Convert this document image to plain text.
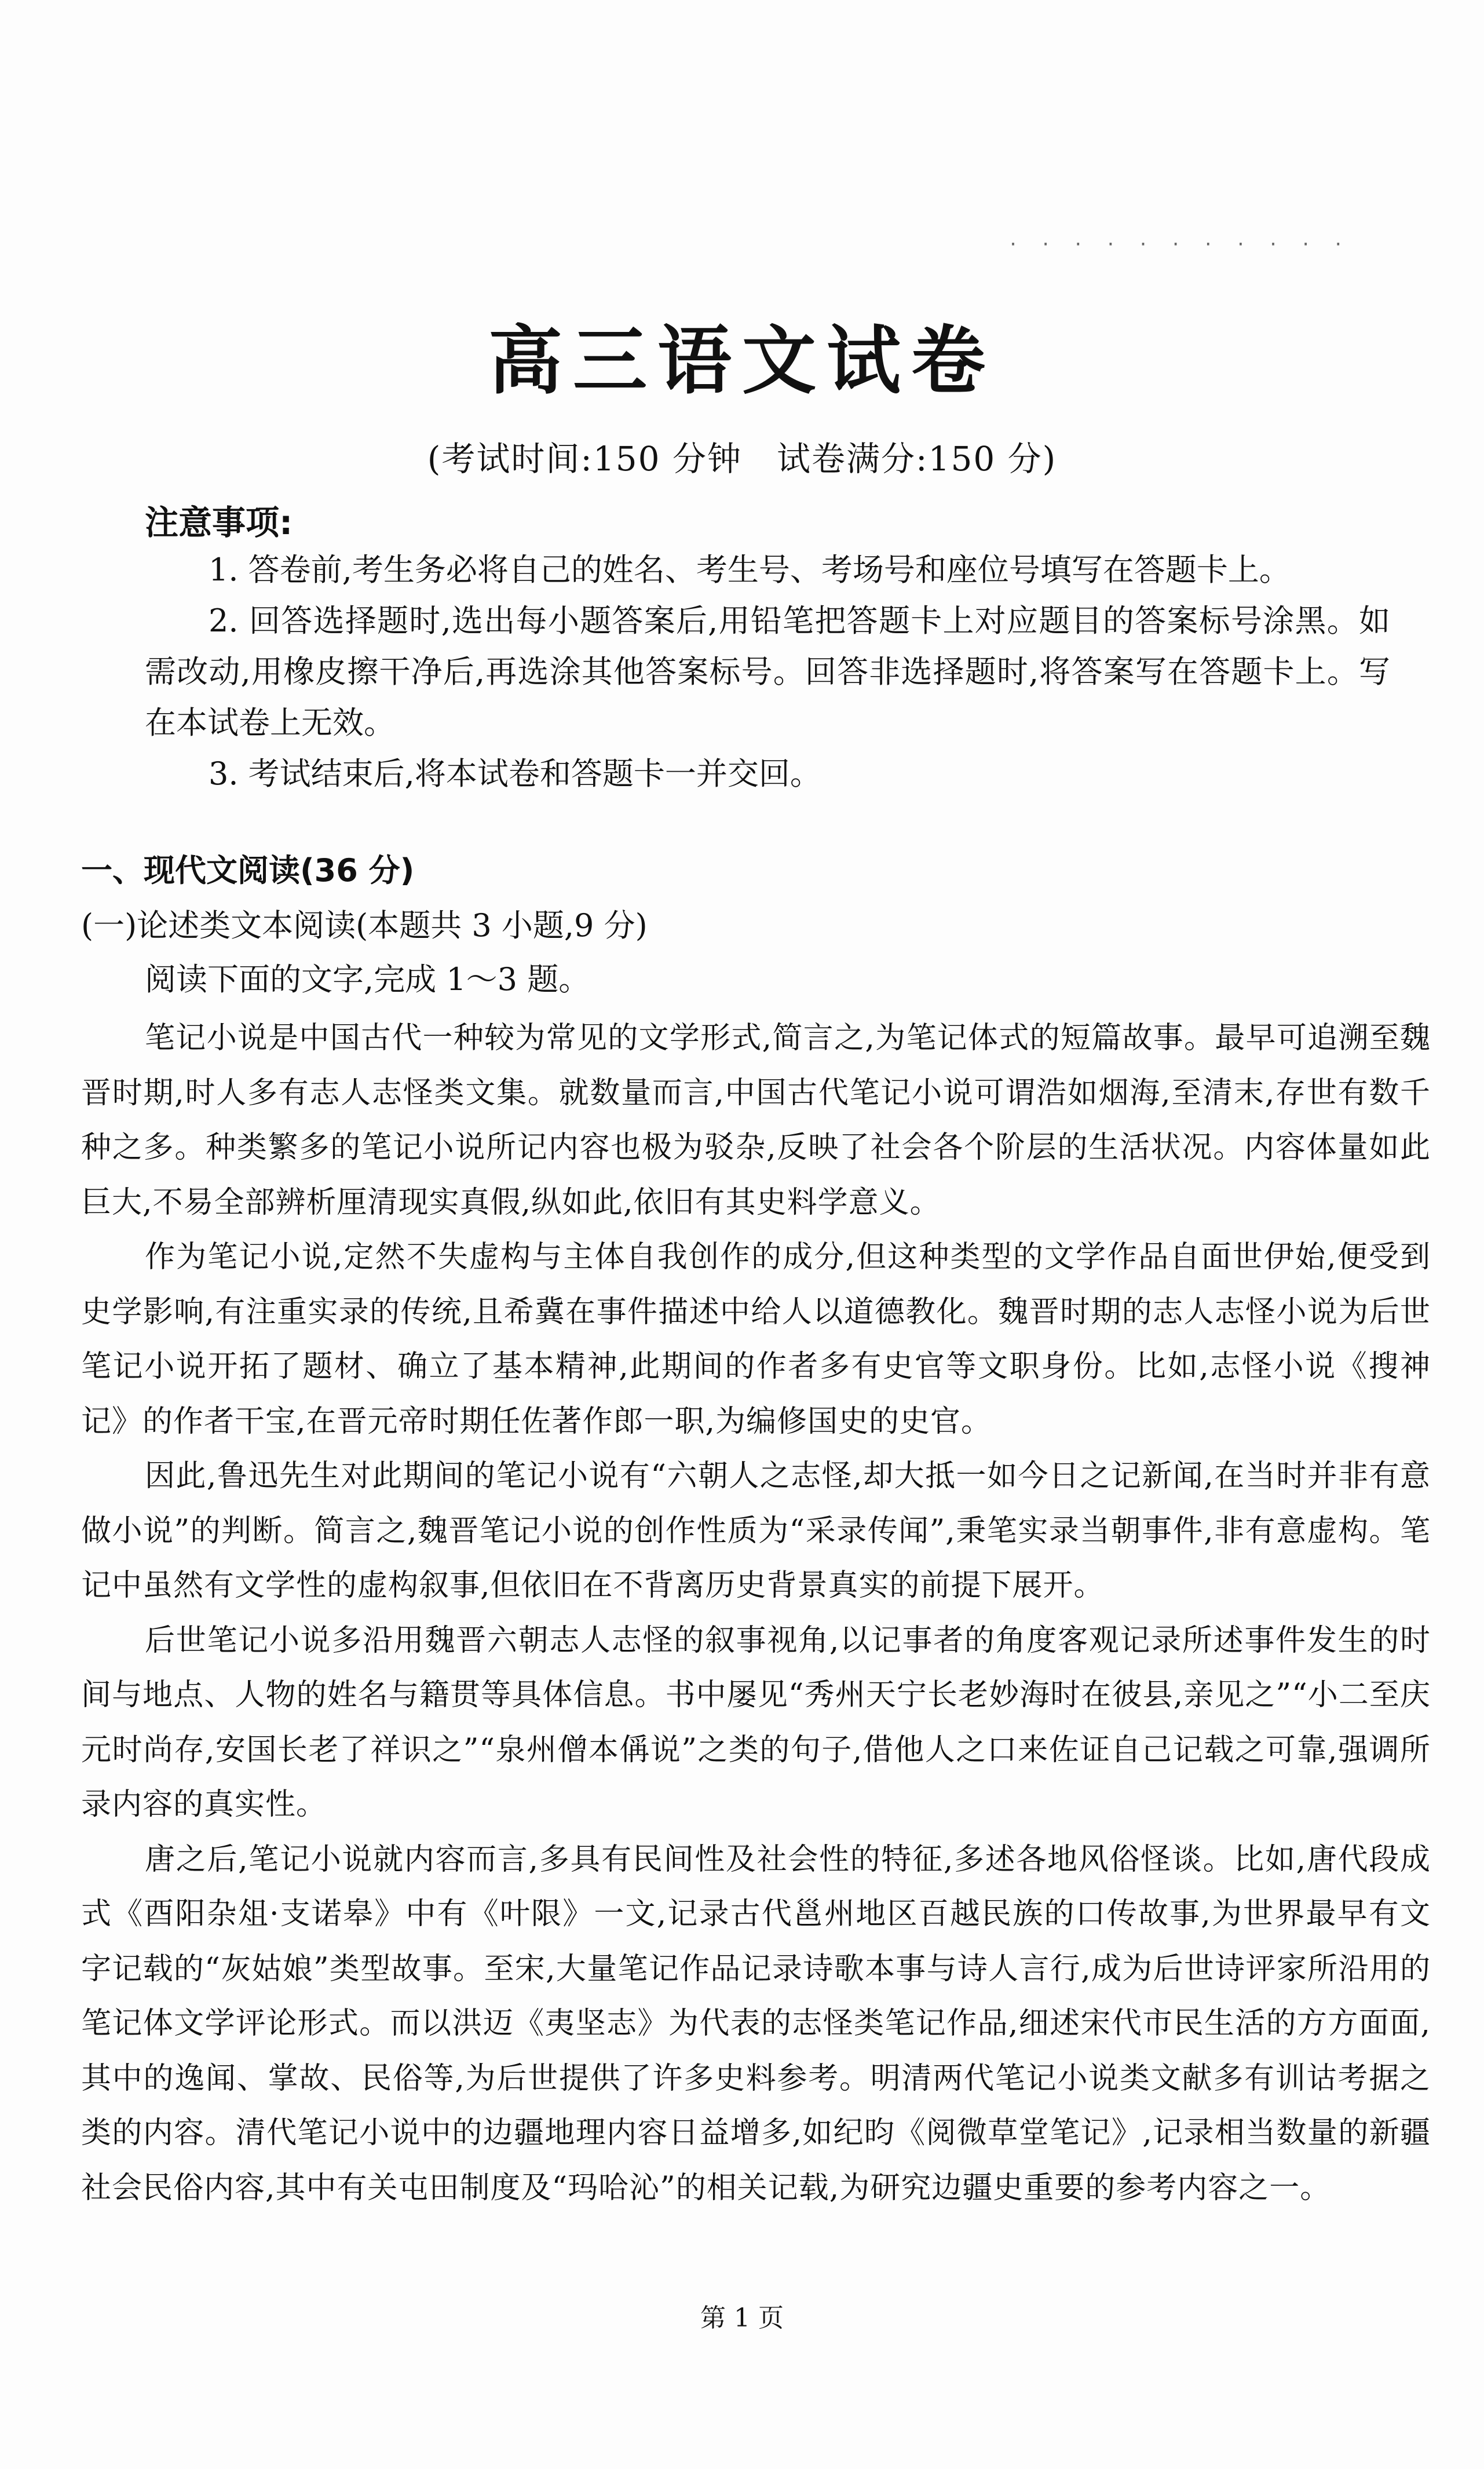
· · · · · · · · · · ·
高三语文试卷
(考试时间:150 分钟　试卷满分:150 分)
注意事项:

1. 答卷前,考生务必将自己的姓名、考生号、考场号和座位号填写在答题卡上。

2. 回答选择题时,选出每小题答案后,用铅笔把答题卡上对应题目的答案标号涂黑。如需改动,用橡皮擦干净后,再选涂其他答案标号。回答非选择题时,将答案写在答题卡上。写在本试卷上无效。

3. 考试结束后,将本试卷和答题卡一并交回。

一、现代文阅读(36 分)
(一)论述类文本阅读(本题共 3 小题,9 分)
阅读下面的文字,完成 1～3 题。

笔记小说是中国古代一种较为常见的文学形式,简言之,为笔记体式的短篇故事。最早可追溯至魏晋时期,时人多有志人志怪类文集。就数量而言,中国古代笔记小说可谓浩如烟海,至清末,存世有数千种之多。种类繁多的笔记小说所记内容也极为驳杂,反映了社会各个阶层的生活状况。内容体量如此巨大,不易全部辨析厘清现实真假,纵如此,依旧有其史料学意义。

作为笔记小说,定然不失虚构与主体自我创作的成分,但这种类型的文学作品自面世伊始,便受到史学影响,有注重实录的传统,且希冀在事件描述中给人以道德教化。魏晋时期的志人志怪小说为后世笔记小说开拓了题材、确立了基本精神,此期间的作者多有史官等文职身份。比如,志怪小说《搜神记》的作者干宝,在晋元帝时期任佐著作郎一职,为编修国史的史官。

因此,鲁迅先生对此期间的笔记小说有“六朝人之志怪,却大抵一如今日之记新闻,在当时并非有意做小说”的判断。简言之,魏晋笔记小说的创作性质为“采录传闻”,秉笔实录当朝事件,非有意虚构。笔记中虽然有文学性的虚构叙事,但依旧在不背离历史背景真实的前提下展开。

后世笔记小说多沿用魏晋六朝志人志怪的叙事视角,以记事者的角度客观记录所述事件发生的时间与地点、人物的姓名与籍贯等具体信息。书中屡见“秀州天宁长老妙海时在彼县,亲见之”“小二至庆元时尚存,安国长老了祥识之”“泉州僧本偁说”之类的句子,借他人之口来佐证自己记载之可靠,强调所录内容的真实性。

唐之后,笔记小说就内容而言,多具有民间性及社会性的特征,多述各地风俗怪谈。比如,唐代段成式《酉阳杂俎·支诺皋》中有《叶限》一文,记录古代邕州地区百越民族的口传故事,为世界最早有文字记载的“灰姑娘”类型故事。至宋,大量笔记作品记录诗歌本事与诗人言行,成为后世诗评家所沿用的笔记体文学评论形式。而以洪迈《夷坚志》为代表的志怪类笔记作品,细述宋代市民生活的方方面面,其中的逸闻、掌故、民俗等,为后世提供了许多史料参考。明清两代笔记小说类文献多有训诂考据之类的内容。清代笔记小说中的边疆地理内容日益增多,如纪昀《阅微草堂笔记》,记录相当数量的新疆社会民俗内容,其中有关屯田制度及“玛哈沁”的相关记载,为研究边疆史重要的参考内容之一。

第 1 页
